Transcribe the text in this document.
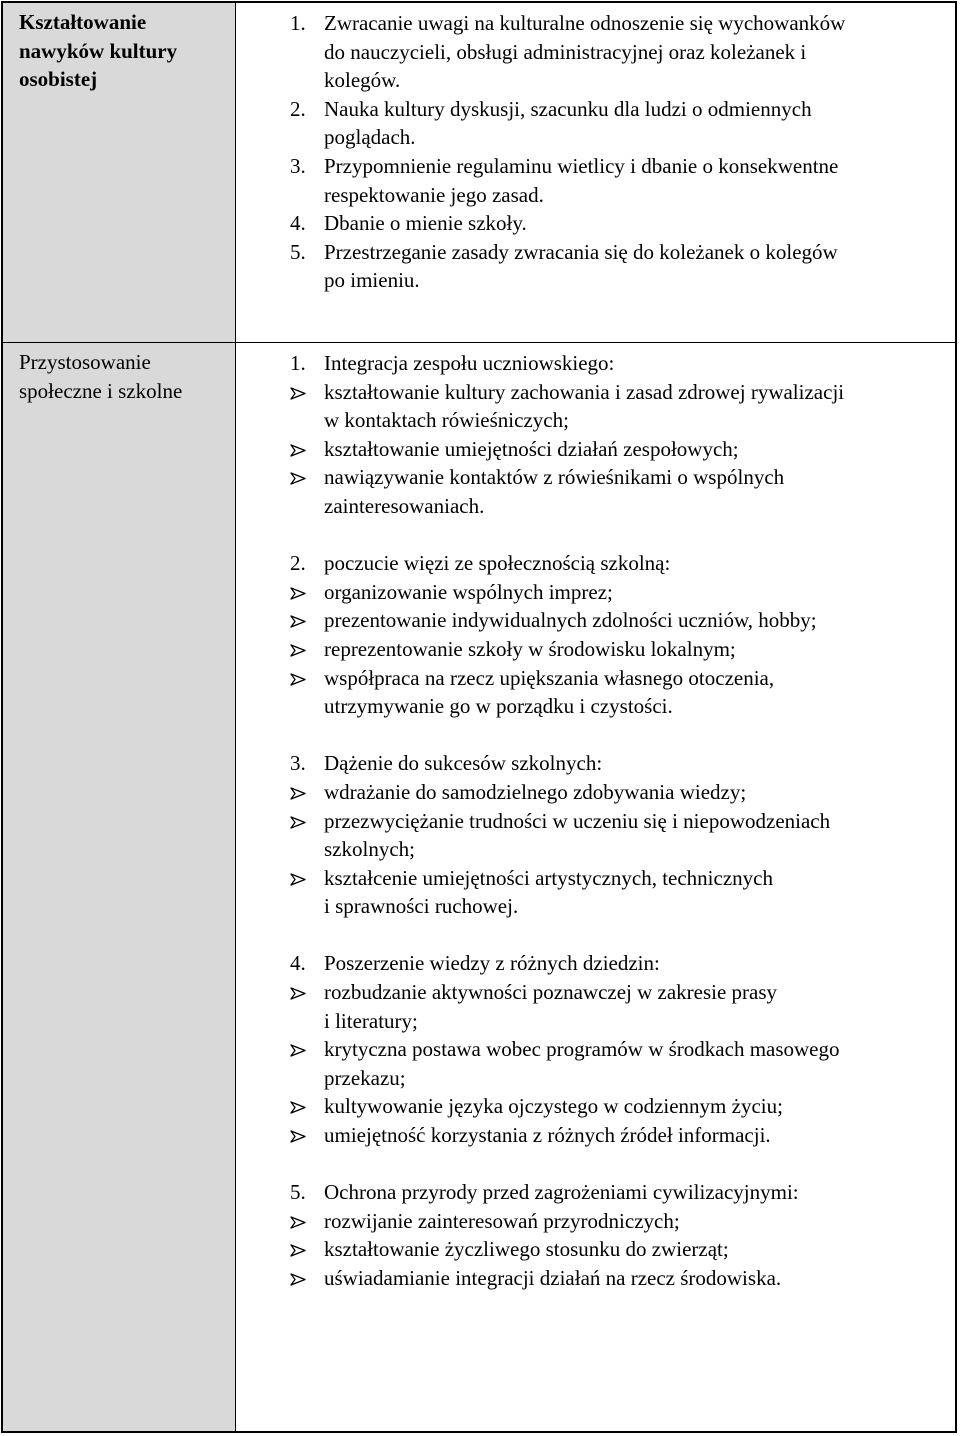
Kształtowanie
nawyków kultury
osobistej
1. Zwracanie uwagi na kulturalne odnoszenie się wychowanków
do nauczycieli, obsługi administracyjnej oraz koleżanek i
kolegów.
2. Nauka kultury dyskusji, szacunku dla ludzi o odmiennych
poglądach.
3. Przypomnienie regulaminu wietlicy i dbanie o konsekwentne
respektowanie jego zasad.
4. Dbanie o mienie szkoły.
5. Przestrzeganie zasady zwracania się do koleżanek o kolegów
po imieniu.
Przystosowanie
społeczne i szkolne
1. Integracja zespołu uczniowskiego:
kształtowanie kultury zachowania i zasad zdrowej rywalizacji
w kontaktach rówieśniczych;
kształtowanie umiejętności działań zespołowych;
nawiązywanie kontaktów z rówieśnikami o wspólnych
zainteresowaniach.
2. poczucie więzi ze społecznością szkolną:
organizowanie wspólnych imprez;
prezentowanie indywidualnych zdolności uczniów, hobby;
reprezentowanie szkoły w środowisku lokalnym;
współpraca na rzecz upiększania własnego otoczenia,
utrzymywanie go w porządku i czystości.
3. Dążenie do sukcesów szkolnych:
wdrażanie do samodzielnego zdobywania wiedzy;
przezwyciężanie trudności w uczeniu się i niepowodzeniach
szkolnych;
kształcenie umiejętności artystycznych, technicznych
i sprawności ruchowej.
4. Poszerzenie wiedzy z różnych dziedzin:
rozbudzanie aktywności poznawczej w zakresie prasy
i literatury;
krytyczna postawa wobec programów w środkach masowego
przekazu;
kultywowanie języka ojczystego w codziennym życiu;
umiejętność korzystania z różnych źródeł informacji.
5. Ochrona przyrody przed zagrożeniami cywilizacyjnymi:
rozwijanie zainteresowań przyrodniczych;
kształtowanie życzliwego stosunku do zwierząt;
uświadamianie integracji działań na rzecz środowiska.
